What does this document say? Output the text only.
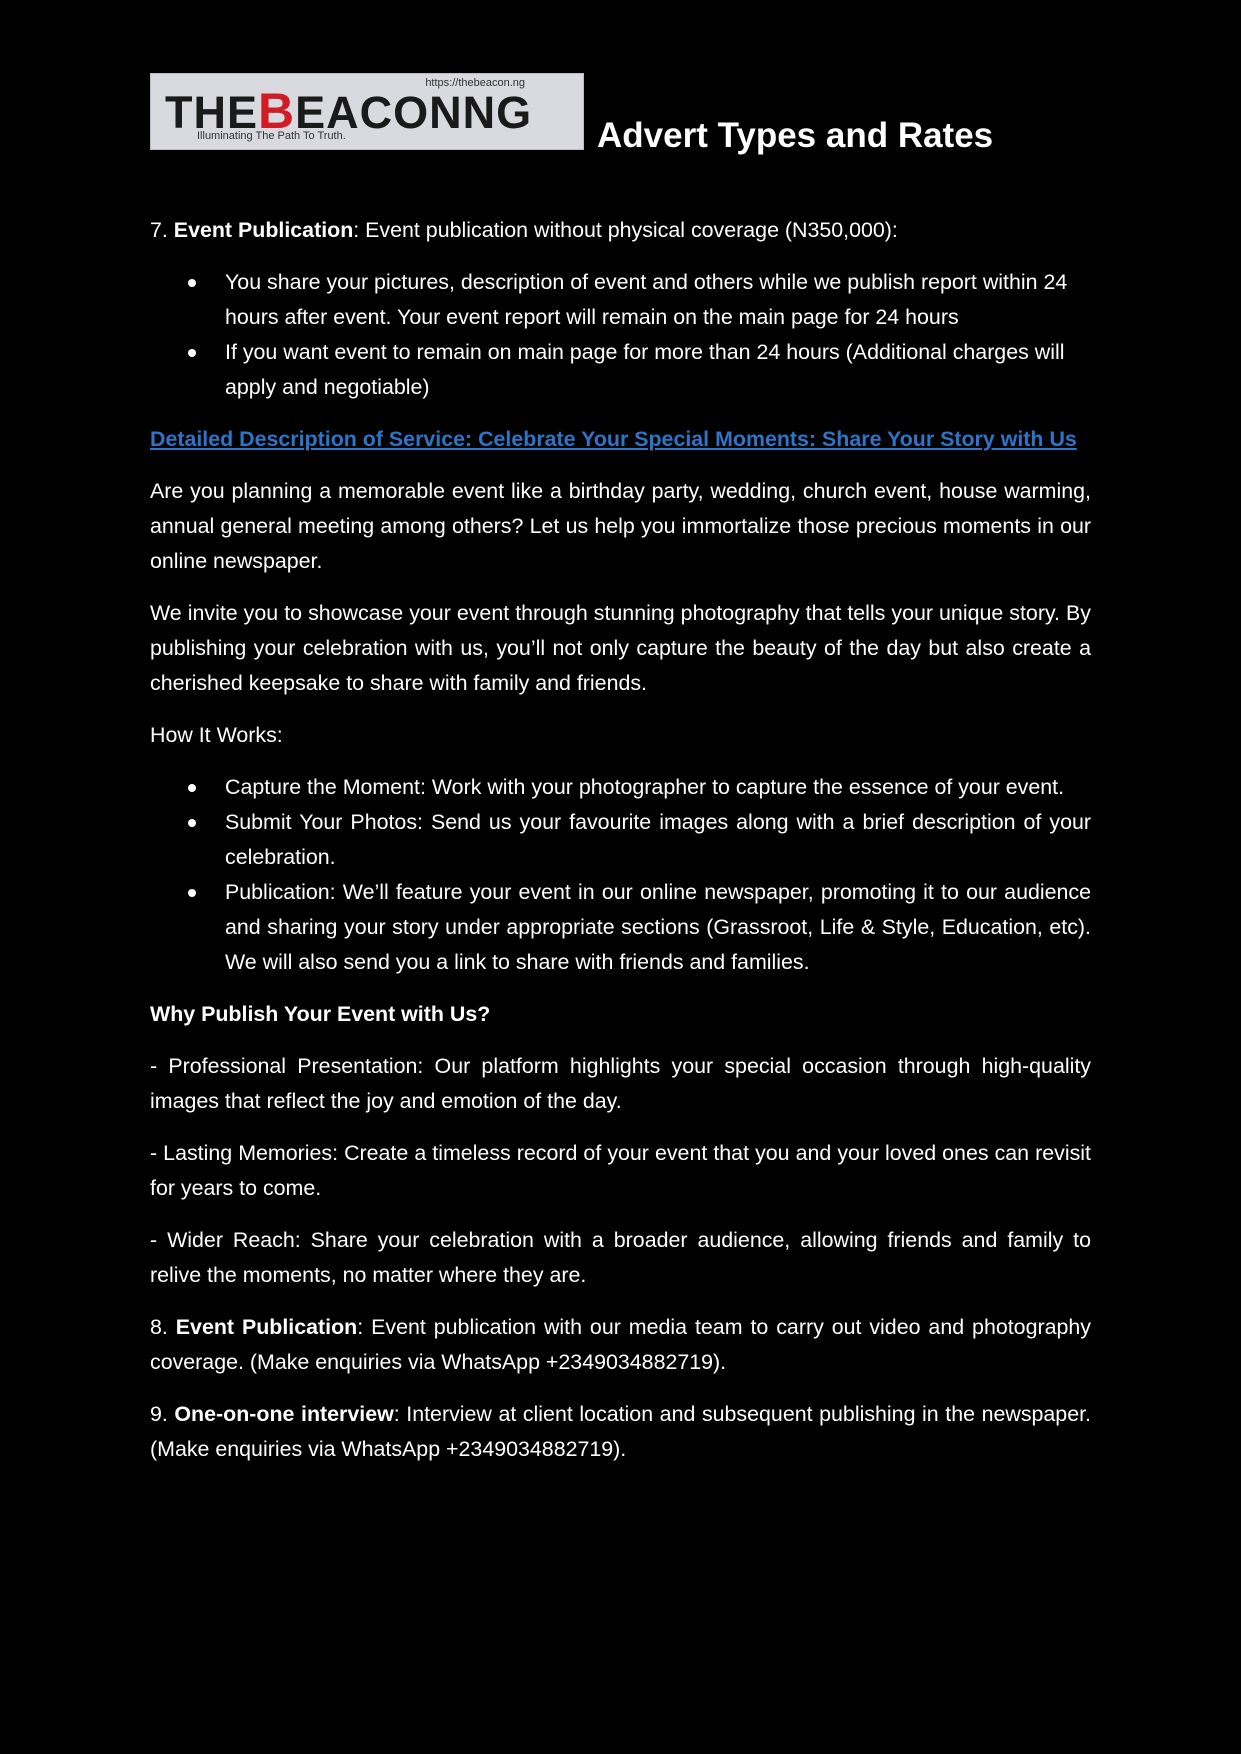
https://thebeacon.ng
THEBEACONNG
Illuminating The Path To Truth.	Advert Types and Rates

7. Event Publication: Event publication without physical coverage (N350,000):

You share your pictures, description of event and others while we publish report within 24 hours after event. Your event report will remain on the main page for 24 hours
If you want event to remain on main page for more than 24 hours (Additional charges will apply and negotiable)

Detailed Description of Service: Celebrate Your Special Moments: Share Your Story with Us

Are you planning a memorable event like a birthday party, wedding, church event, house warming, annual general meeting among others? Let us help you immortalize those precious moments in our online newspaper.

We invite you to showcase your event through stunning photography that tells your unique story. By publishing your celebration with us, you’ll not only capture the beauty of the day but also create a cherished keepsake to share with family and friends.

How It Works:

Capture the Moment: Work with your photographer to capture the essence of your event.
Submit Your Photos: Send us your favourite images along with a brief description of your celebration.
Publication: We’ll feature your event in our online newspaper, promoting it to our audience and sharing your story under appropriate sections (Grassroot, Life & Style, Education, etc). We will also send you a link to share with friends and families.

Why Publish Your Event with Us?

- Professional Presentation: Our platform highlights your special occasion through high-quality images that reflect the joy and emotion of the day.

- Lasting Memories: Create a timeless record of your event that you and your loved ones can revisit for years to come.

- Wider Reach: Share your celebration with a broader audience, allowing friends and family to relive the moments, no matter where they are.

8. Event Publication: Event publication with our media team to carry out video and photography coverage. (Make enquiries via WhatsApp +2349034882719).

9. One-on-one interview: Interview at client location and subsequent publishing in the newspaper. (Make enquiries via WhatsApp +2349034882719).
